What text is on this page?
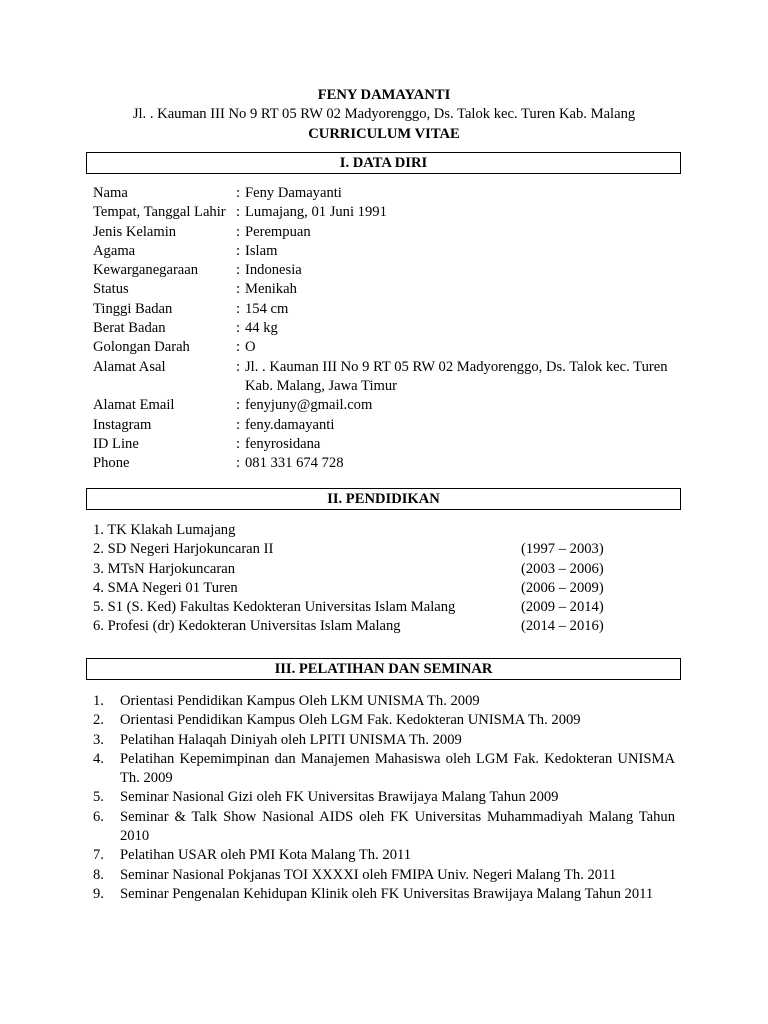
FENY DAMAYANTI
Jl. . Kauman III No 9 RT 05 RW 02 Madyorenggo, Ds. Talok kec. Turen Kab. Malang
CURRICULUM VITAE
I. DATA DIRI
Nama	: Feny Damayanti
Tempat, Tanggal Lahir : Lumajang, 01 Juni 1991
Jenis Kelamin	: Perempuan
Agama	: Islam
Kewarganegaraan	: Indonesia
Status	: Menikah
Tinggi Badan	: 154 cm
Berat Badan	: 44 kg
Golongan Darah	: O
Alamat Asal	: Jl. . Kauman III No 9 RT 05 RW 02 Madyorenggo, Ds. Talok kec. Turen Kab. Malang, Jawa Timur
Alamat Email	: fenyjuny@gmail.com
Instagram	: feny.damayanti
ID Line	: fenyrosidana
Phone	: 081 331 674 728
II. PENDIDIKAN
1. TK Klakah Lumajang
2. SD Negeri Harjokuncaran II	(1997 – 2003)
3. MTsN Harjokuncaran	(2003 – 2006)
4. SMA Negeri 01 Turen	(2006 – 2009)
5. S1 (S. Ked) Fakultas Kedokteran Universitas Islam Malang	(2009 – 2014)
6. Profesi (dr) Kedokteran Universitas Islam Malang	(2014 – 2016)
III. PELATIHAN DAN SEMINAR
1.	Orientasi Pendidikan Kampus Oleh LKM UNISMA Th. 2009
2.	Orientasi Pendidikan Kampus Oleh LGM Fak. Kedokteran UNISMA Th. 2009
3.	Pelatihan Halaqah Diniyah oleh LPITI UNISMA Th. 2009
4.	Pelatihan Kepemimpinan dan Manajemen Mahasiswa oleh LGM Fak. Kedokteran UNISMA Th. 2009
5.	Seminar Nasional Gizi oleh FK Universitas Brawijaya Malang Tahun 2009
6.	Seminar & Talk Show Nasional AIDS oleh FK Universitas Muhammadiyah Malang Tahun 2010
7.	Pelatihan USAR oleh PMI Kota Malang Th. 2011
8.	Seminar Nasional Pokjanas TOI XXXXI oleh FMIPA Univ. Negeri Malang Th. 2011
9.	Seminar Pengenalan Kehidupan Klinik oleh FK Universitas Brawijaya Malang Tahun 2011
